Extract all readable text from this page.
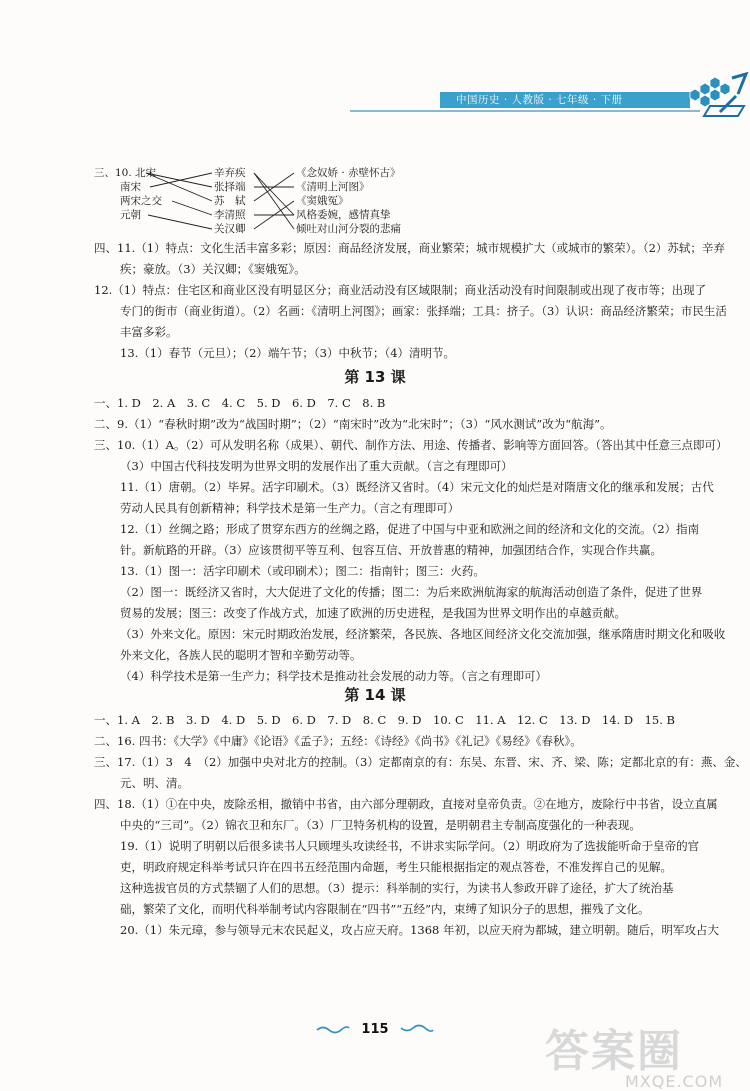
中国历史 · 人教版 · 七年级 · 下册
三、10. 北宋
南宋
两宋之交
元朝
辛弃疾
张择端
苏　轼
李清照
关汉卿
《念奴娇 · 赤壁怀古》
《清明上河图》
《窦娥冤》
风格委婉，感情真挚
倾吐对山河分裂的悲痛
四、11.（1）特点：文化生活丰富多彩；原因：商品经济发展，商业繁荣；城市规模扩大（或城市的繁荣）。（2）苏轼；辛弃
疾；豪放。（3）关汉卿；《窦娥冤》。
12.（1）特点：住宅区和商业区没有明显区分；商业活动没有区域限制；商业活动没有时间限制或出现了夜市等；出现了
专门的街市（商业街道）。（2）名画：《清明上河图》；画家：张择端；工具：挤子。（3）认识：商品经济繁荣；市民生活
丰富多彩。
13.（1）春节（元旦）；（2）端午节；（3）中秋节；（4）清明节。
第 13 课
一、1. D　2. A　3. C　4. C　5. D　6. D　7. C　8. B
二、9.（1）“春秋时期”改为“战国时期”；（2）“南宋时”改为“北宋时”；（3）“风水测试”改为“航海”。
三、10.（1）A。（2）可从发明名称（成果）、朝代、制作方法、用途、传播者、影响等方面回答。（答出其中任意三点即可）
（3）中国古代科技发明为世界文明的发展作出了重大贡献。（言之有理即可）
11.（1）唐朝。（2）毕昇。活字印刷术。（3）既经济又省时。（4）宋元文化的灿烂是对隋唐文化的继承和发展；古代
劳动人民具有创新精神；科学技术是第一生产力。（言之有理即可）
12.（1）丝绸之路；形成了贯穿东西方的丝绸之路，促进了中国与中亚和欧洲之间的经济和文化的交流。（2）指南
针。新航路的开辟。（3）应该贯彻平等互利、包容互信、开放普惠的精神，加强团结合作，实现合作共赢。
13.（1）图一：活字印刷术（或印刷术）；图二：指南针；图三：火药。
（2）图一：既经济又省时，大大促进了文化的传播；图二：为后来欧洲航海家的航海活动创造了条件，促进了世界
贸易的发展；图三：改变了作战方式，加速了欧洲的历史进程，是我国为世界文明作出的卓越贡献。
（3）外来文化。原因：宋元时期政治发展，经济繁荣，各民族、各地区间经济文化交流加强，继承隋唐时期文化和吸收
外来文化，各族人民的聪明才智和辛勤劳动等。
（4）科学技术是第一生产力；科学技术是推动社会发展的动力等。（言之有理即可）
第 14 课
一、1. A　2. B　3. D　4. D　5. D　6. D　7. D　8. C　9. D　10. C　11. A　12. C　13. D　14. D　15. B
二、16. 四书：《大学》《中庸》《论语》《孟子》；五经：《诗经》《尚书》《礼记》《易经》《春秋》。
三、17.（1）3　4　（2）加强中央对北方的控制。（3）定都南京的有：东吴、东晋、宋、齐、梁、陈；定都北京的有：燕、金、
元、明、清。
四、18.（1）①在中央，废除丞相，撤销中书省，由六部分理朝政，直接对皇帝负责。②在地方，废除行中书省，设立直属
中央的“三司”。（2）锦衣卫和东厂。（3）厂卫特务机构的设置，是明朝君主专制高度强化的一种表现。
19.（1）说明了明朝以后很多读书人只顾埋头攻读经书，不讲求实际学问。（2）明政府为了选拔能听命于皇帝的官
吏，明政府规定科举考试只许在四书五经范围内命题，考生只能根据指定的观点答卷，不准发挥自己的见解。
这种选拔官员的方式禁锢了人们的思想。（3）提示：科举制的实行，为读书人参政开辟了途径，扩大了统治基
础，繁荣了文化，而明代科举制考试内容限制在“四书”“五经”内，束缚了知识分子的思想，摧残了文化。
20.（1）朱元璋，参与领导元末农民起义，攻占应天府。1368 年初，以应天府为都城，建立明朝。随后，明军攻占大
115	答案圈
MXQE.COM
